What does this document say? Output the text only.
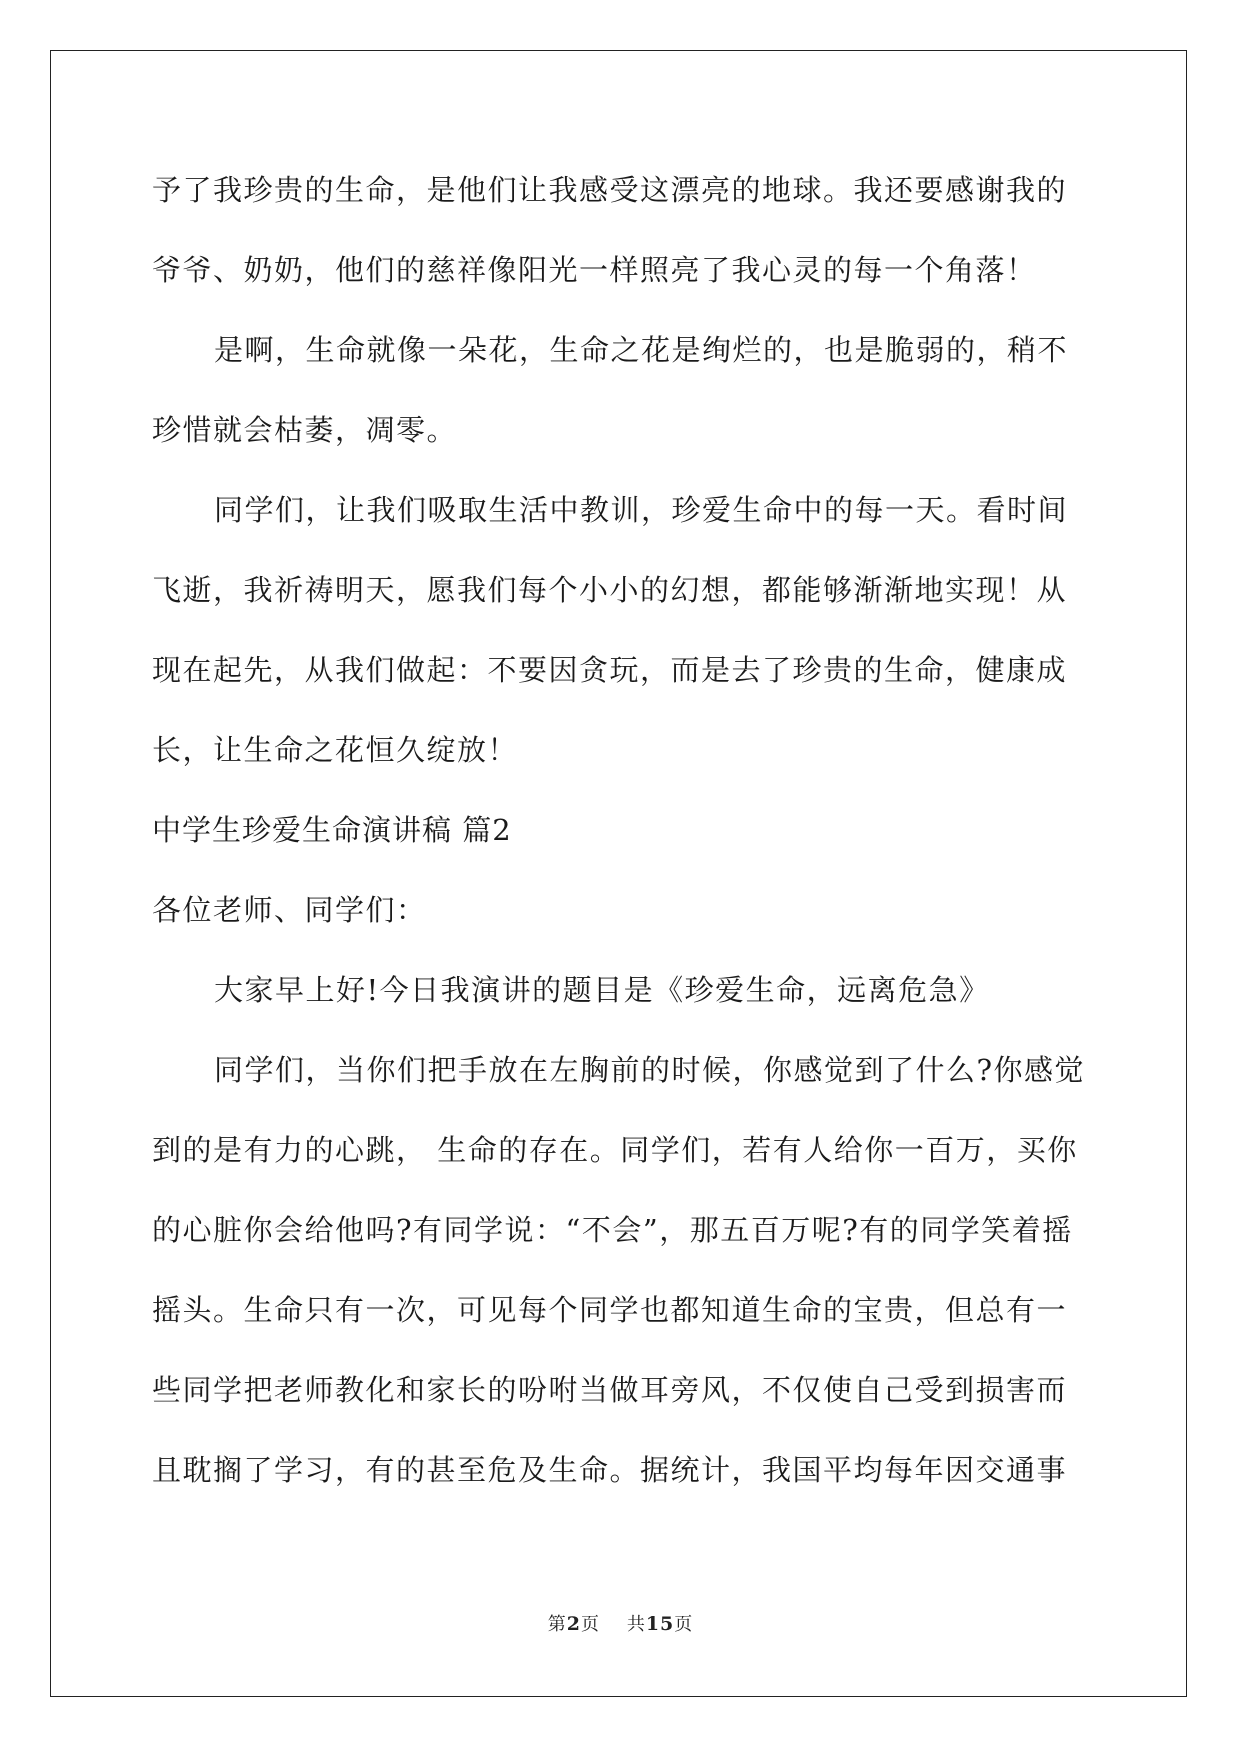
予了我珍贵的生命，是他们让我感受这漂亮的地球。我还要感谢我的

爷爷、奶奶，他们的慈祥像阳光一样照亮了我心灵的每一个角落！

是啊，生命就像一朵花，生命之花是绚烂的，也是脆弱的，稍不

珍惜就会枯萎，凋零。

同学们，让我们吸取生活中教训，珍爱生命中的每一天。看时间

飞逝，我祈祷明天，愿我们每个小小的幻想，都能够渐渐地实现！从

现在起先，从我们做起：不要因贪玩，而是去了珍贵的生命，健康成

长，让生命之花恒久绽放！

中学生珍爱生命演讲稿 篇2

各位老师、同学们：

大家早上好!今日我演讲的题目是《珍爱生命，远离危急》

同学们，当你们把手放在左胸前的时候，你感觉到了什么?你感觉

到的是有力的心跳， 生命的存在。同学们，若有人给你一百万，买你

的心脏你会给他吗?有同学说：“不会”，那五百万呢?有的同学笑着摇

摇头。生命只有一次，可见每个同学也都知道生命的宝贵，但总有一

些同学把老师教化和家长的吩咐当做耳旁风，不仅使自己受到损害而

且耽搁了学习，有的甚至危及生命。据统计，我国平均每年因交通事

第2页 共15页
